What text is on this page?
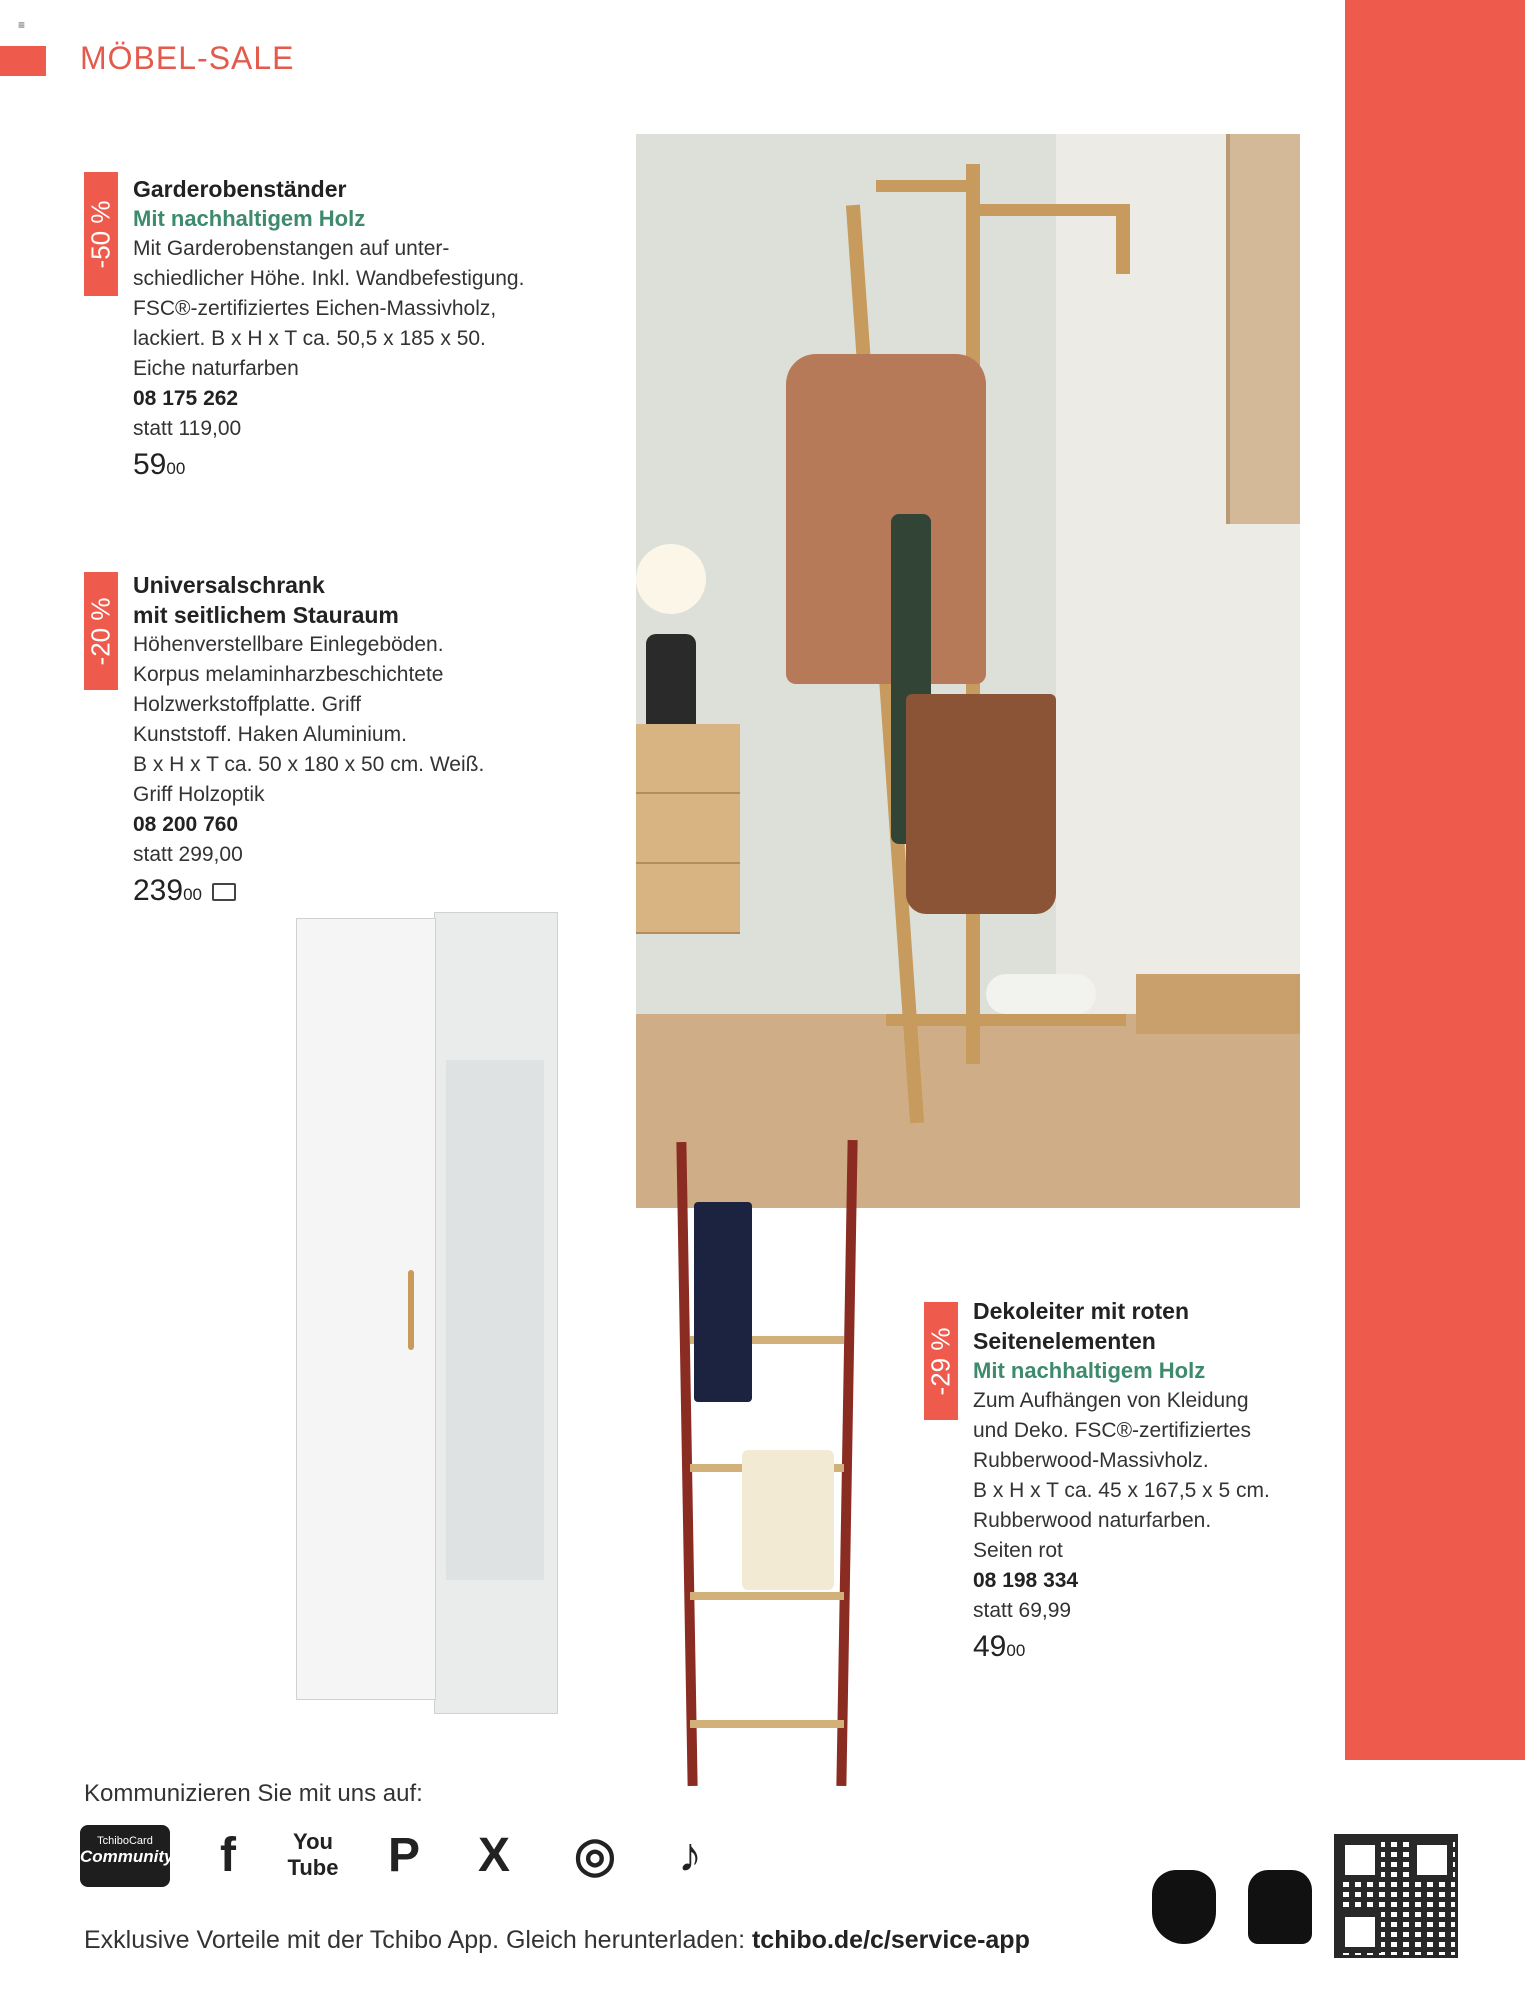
≡
MÖBEL-SALE
-50 %
Garderobenständer
Mit nachhaltigem Holz
Mit Garderobenstangen auf unter-
schiedlicher Höhe. Inkl. Wandbefestigung.
FSC®-zertifiziertes Eichen-Massivholz,
lackiert. B x H x T ca. 50,5 x 185 x 50.
Eiche naturfarben
08 175 262
statt 119,00
$59^{00}$
-20 %
Universalschrank
mit seitlichem Stauraum
Höhenverstellbare Einlegeböden.
Korpus melaminharzbeschichtete
Holzwerkstoffplatte. Griff
Kunststoff. Haken Aluminium.
B x H x T ca. 50 x 180 x 50 cm. Weiß.
Griff Holzoptik
08 200 760
statt 299,00
$239^{00}$
-29 %
Dekoleiter mit roten
Seitenelementen
Mit nachhaltigem Holz
Zum Aufhängen von Kleidung
und Deko. FSC®-zertifiziertes
Rubberwood-Massivholz.
B x H x T ca. 45 x 167,5 x 5 cm.
Rubberwood naturfarben.
Seiten rot
08 198 334
statt 69,99
$49^{00}$
Kommunizieren Sie mit uns auf:
TchiboCard
Community f	You Tube P X ◎ ♪
Exklusive Vorteile mit der Tchibo App. Gleich herunterladen: tchibo.de/c/service-app
